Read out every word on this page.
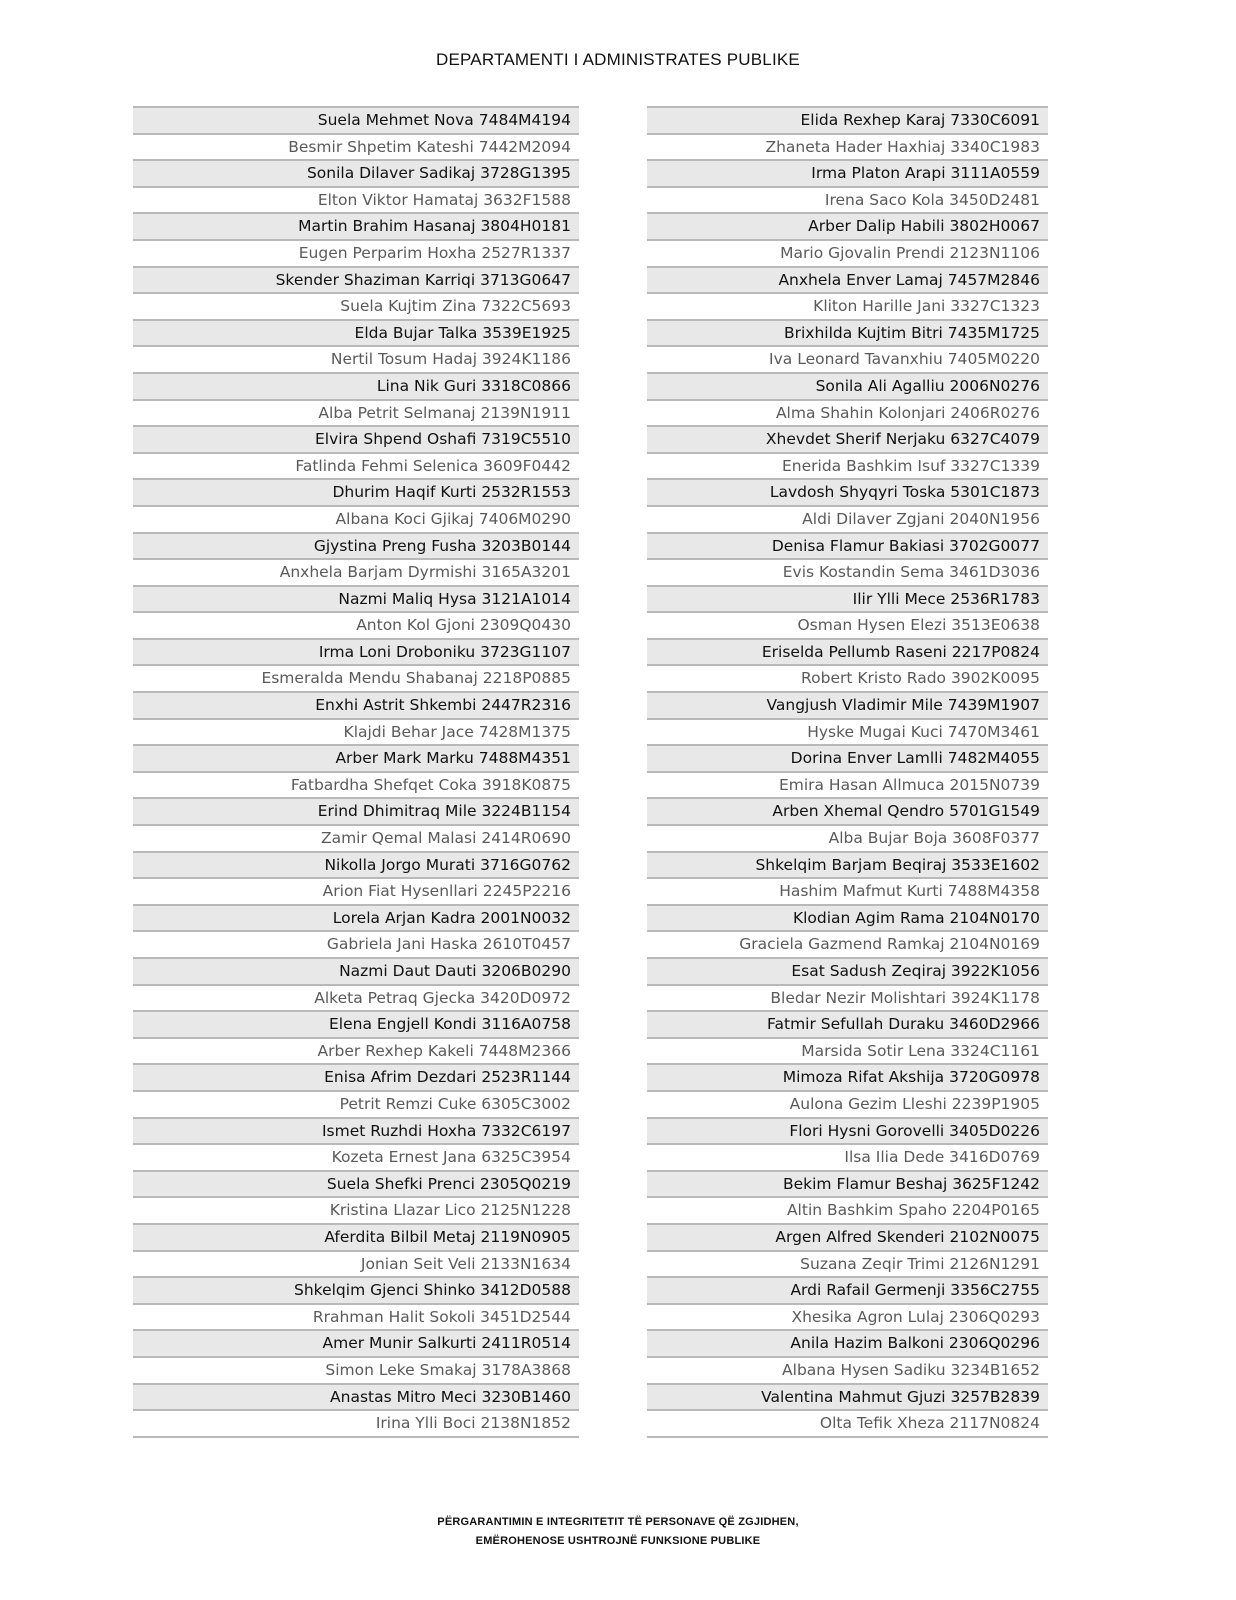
DEPARTAMENTI I ADMINISTRATES PUBLIKE
Suela Mehmet Nova 7484M4194
Besmir Shpetim Kateshi 7442M2094
Sonila Dilaver Sadikaj 3728G1395
Elton Viktor Hamataj 3632F1588
Martin Brahim Hasanaj 3804H0181
Eugen Perparim Hoxha 2527R1337
Skender Shaziman Karriqi 3713G0647
Suela Kujtim Zina 7322C5693
Elda Bujar Talka 3539E1925
Nertil Tosum Hadaj 3924K1186
Lina Nik Guri 3318C0866
Alba Petrit Selmanaj 2139N1911
Elvira Shpend Oshafi 7319C5510
Fatlinda Fehmi Selenica 3609F0442
Dhurim Haqif Kurti 2532R1553
Albana Koci Gjikaj 7406M0290
Gjystina Preng Fusha 3203B0144
Anxhela Barjam Dyrmishi 3165A3201
Nazmi Maliq Hysa 3121A1014
Anton Kol Gjoni 2309Q0430
Irma Loni Droboniku 3723G1107
Esmeralda Mendu Shabanaj 2218P0885
Enxhi Astrit Shkembi 2447R2316
Klajdi Behar Jace 7428M1375
Arber Mark Marku 7488M4351
Fatbardha Shefqet Coka 3918K0875
Erind Dhimitraq Mile 3224B1154
Zamir Qemal Malasi 2414R0690
Nikolla Jorgo Murati 3716G0762
Arion Fiat Hysenllari 2245P2216
Lorela Arjan Kadra 2001N0032
Gabriela Jani Haska 2610T0457
Nazmi Daut Dauti 3206B0290
Alketa Petraq Gjecka 3420D0972
Elena Engjell Kondi 3116A0758
Arber Rexhep Kakeli 7448M2366
Enisa Afrim Dezdari 2523R1144
Petrit Remzi Cuke 6305C3002
Ismet Ruzhdi Hoxha 7332C6197
Kozeta Ernest Jana 6325C3954
Suela Shefki Prenci 2305Q0219
Kristina Llazar Lico 2125N1228
Aferdita Bilbil Metaj 2119N0905
Jonian Seit Veli 2133N1634
Shkelqim Gjenci Shinko 3412D0588
Rrahman Halit Sokoli 3451D2544
Amer Munir Salkurti 2411R0514
Simon Leke Smakaj 3178A3868
Anastas Mitro Meci 3230B1460
Irina Ylli Boci 2138N1852
Elida Rexhep Karaj 7330C6091
Zhaneta Hader Haxhiaj 3340C1983
Irma Platon Arapi 3111A0559
Irena Saco Kola 3450D2481
Arber Dalip Habili 3802H0067
Mario Gjovalin Prendi 2123N1106
Anxhela Enver Lamaj 7457M2846
Kliton Harille Jani 3327C1323
Brixhilda Kujtim Bitri 7435M1725
Iva Leonard Tavanxhiu 7405M0220
Sonila Ali Agalliu 2006N0276
Alma Shahin Kolonjari 2406R0276
Xhevdet Sherif Nerjaku 6327C4079
Enerida Bashkim Isuf 3327C1339
Lavdosh Shyqyri Toska 5301C1873
Aldi Dilaver Zgjani 2040N1956
Denisa Flamur Bakiasi 3702G0077
Evis Kostandin Sema 3461D3036
Ilir Ylli Mece 2536R1783
Osman Hysen Elezi 3513E0638
Eriselda Pellumb Raseni 2217P0824
Robert Kristo Rado 3902K0095
Vangjush Vladimir Mile 7439M1907
Hyske Mugai Kuci 7470M3461
Dorina Enver Lamlli 7482M4055
Emira Hasan Allmuca 2015N0739
Arben Xhemal Qendro 5701G1549
Alba Bujar Boja 3608F0377
Shkelqim Barjam Beqiraj 3533E1602
Hashim Mafmut Kurti 7488M4358
Klodian Agim Rama 2104N0170
Graciela Gazmend Ramkaj 2104N0169
Esat Sadush Zeqiraj 3922K1056
Bledar Nezir Molishtari 3924K1178
Fatmir Sefullah Duraku 3460D2966
Marsida Sotir Lena 3324C1161
Mimoza Rifat Akshija 3720G0978
Aulona Gezim Lleshi 2239P1905
Flori Hysni Gorovelli 3405D0226
Ilsa Ilia Dede 3416D0769
Bekim Flamur Beshaj 3625F1242
Altin Bashkim Spaho 2204P0165
Argen Alfred Skenderi 2102N0075
Suzana Zeqir Trimi 2126N1291
Ardi Rafail Germenji 3356C2755
Xhesika Agron Lulaj 2306Q0293
Anila Hazim Balkoni 2306Q0296
Albana Hysen Sadiku 3234B1652
Valentina Mahmut Gjuzi 3257B2839
Olta Tefik Xheza 2117N0824
PËRGARANTIMIN E INTEGRITETIT TË PERSONAVE QË ZGJIDHEN,
EMËROHENOSE USHTROJNË FUNKSIONE PUBLIKE
